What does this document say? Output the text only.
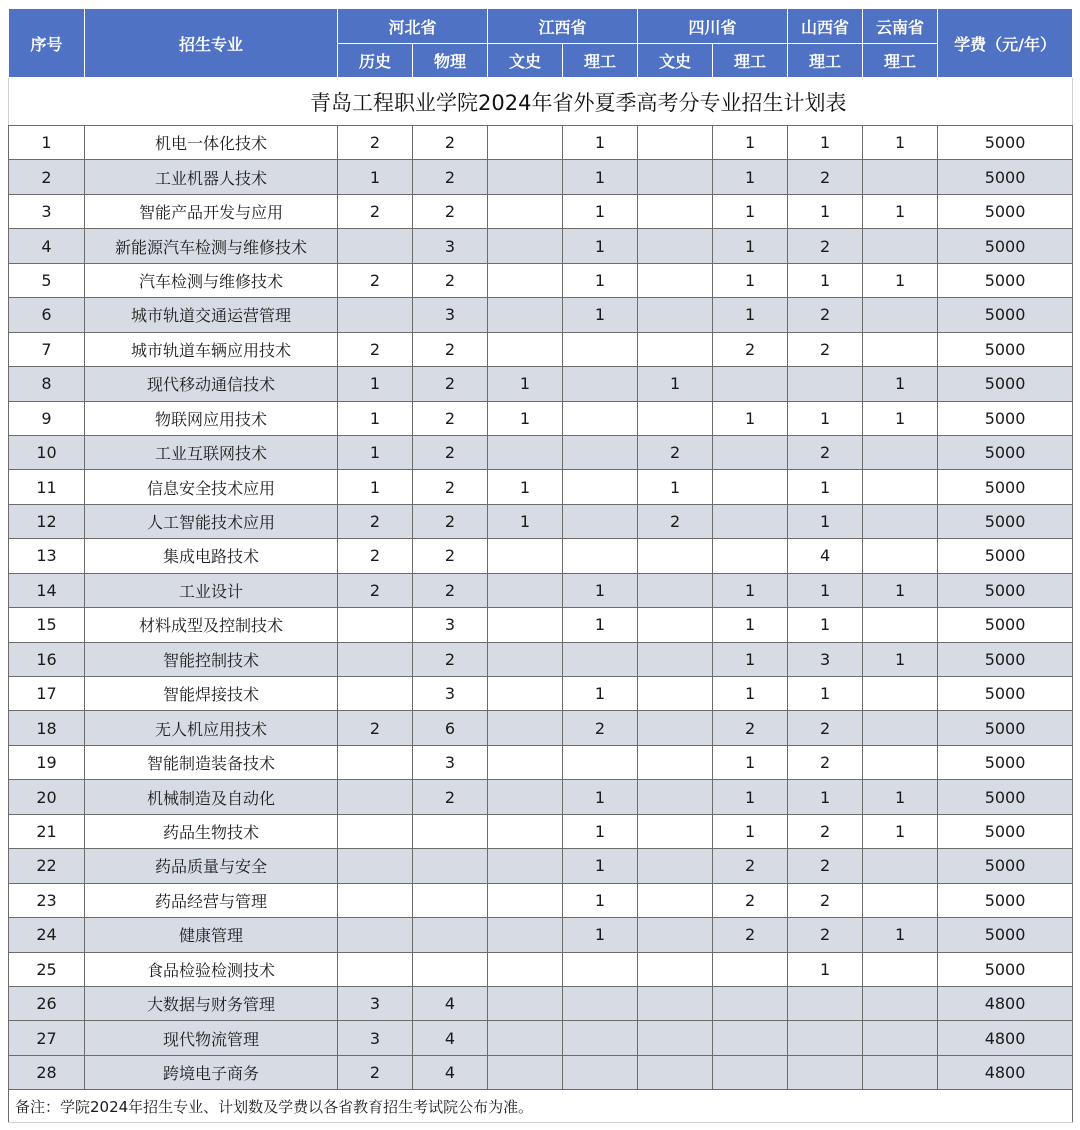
	青岛工程职业学院2024年省外夏季高考分专业招生计划表									
序号	招生专业	河北省		江西省		四川省		山西省	云南省	学费（元/年）
		历史	物理	文史	理工	文史	理工	理工	理工	
1	机电一体化技术	2	2		1		1	1	1	5000
2	工业机器人技术	1	2		1		1	2		5000
3	智能产品开发与应用	2	2		1		1	1	1	5000
4	新能源汽车检测与维修技术		3		1		1	2		5000
5	汽车检测与维修技术	2	2		1		1	1	1	5000
6	城市轨道交通运营管理		3		1		1	2		5000
7	城市轨道车辆应用技术	2	2				2	2		5000
8	现代移动通信技术	1	2	1		1			1	5000
9	物联网应用技术	1	2	1			1	1	1	5000
10	工业互联网技术	1	2			2		2		5000
11	信息安全技术应用	1	2	1		1		1		5000
12	人工智能技术应用	2	2	1		2		1		5000
13	集成电路技术	2	2					4		5000
14	工业设计	2	2		1		1	1	1	5000
15	材料成型及控制技术		3		1		1	1		5000
16	智能控制技术		2				1	3	1	5000
17	智能焊接技术		3		1		1	1		5000
18	无人机应用技术	2	6		2		2	2		5000
19	智能制造装备技术		3				1	2		5000
20	机械制造及自动化		2		1		1	1	1	5000
21	药品生物技术				1		1	2	1	5000
22	药品质量与安全				1		2	2		5000
23	药品经营与管理				1		2	2		5000
24	健康管理				1		2	2	1	5000
25	食品检验检测技术							1		5000
26	大数据与财务管理	3	4							4800
27	现代物流管理	3	4							4800
28	跨境电子商务	2	4							4800
备注：学院2024年招生专业、计划数及学费以各省教育招生考试院公布为准。										
